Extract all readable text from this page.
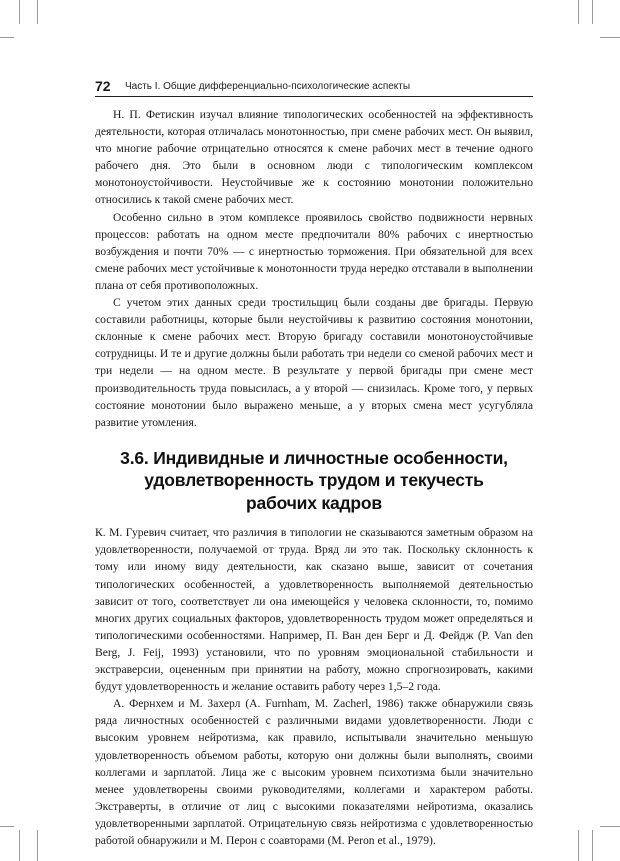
72 Часть I. Общие дифференциально-психологические аспекты

Н. П. Фетискин изучал влияние типологических особенностей на эффективность деятельности, которая отличалась монотонностью, при смене рабочих мест. Он выявил, что многие рабочие отрицательно относятся к смене рабочих мест в течение одного рабочего дня. Это были в основном люди с типологическим комплексом монотоноустойчивости. Неустойчивые же к состоянию монотонии положительно относились к такой смене рабочих мест.

Особенно сильно в этом комплексе проявилось свойство подвижности нервных процессов: работать на одном месте предпочитали 80% рабочих с инертностью возбуждения и почти 70% — с инертностью торможения. При обязательной для всех смене рабочих мест устойчивые к монотонности труда нередко отставали в выполнении плана от себя противоположных.

С учетом этих данных среди тростильщиц были созданы две бригады. Первую составили работницы, которые были неустойчивы к развитию состояния монотонии, склонные к смене рабочих мест. Вторую бригаду составили монотоноустойчивые сотрудницы. И те и другие должны были работать три недели со сменой рабочих мест и три недели — на одном месте. В результате у первой бригады при смене мест производительность труда повысилась, а у второй — снизилась. Кроме того, у первых состояние монотонии было выражено меньше, а у вторых смена мест усугубляла развитие утомления.

3.6. Индивидные и личностные особенности,
удовлетворенность трудом и текучесть
рабочих кадров

К. М. Гуревич считает, что различия в типологии не сказываются заметным образом на удовлетворенности, получаемой от труда. Вряд ли это так. Поскольку склонность к тому или иному виду деятельности, как сказано выше, зависит от сочетания типологических особенностей, а удовлетворенность выполняемой деятельностью зависит от того, соответствует ли она имеющейся у человека склонности, то, помимо многих других социальных факторов, удовлетворенность трудом может определяться и типологическими особенностями. Например, П. Ван ден Берг и Д. Фейдж (P. Van den Berg, J. Feij, 1993) установили, что по уровням эмоциональной стабильности и экстраверсии, оцененным при принятии на работу, можно спрогнозировать, какими будут удовлетворенность и желание оставить работу через 1,5–2 года.

А. Фернхем и М. Захерл (A. Furnham, M. Zacherl, 1986) также обнаружили связь ряда личностных особенностей с различными видами удовлетворенности. Люди с высоким уровнем нейротизма, как правило, испытывали значительно меньшую удовлетворенность объемом работы, которую они должны были выполнять, своими коллегами и зарплатой. Лица же с высоким уровнем психотизма были значительно менее удовлетворены своими руководителями, коллегами и характером работы. Экстраверты, в отличие от лиц с высокими показателями нейротизма, оказались удовлетворенными зарплатой. Отрицательную связь нейротизма с удовлетворенностью работой обнаружили и М. Перон с соавторами (M. Peron et al., 1979).
